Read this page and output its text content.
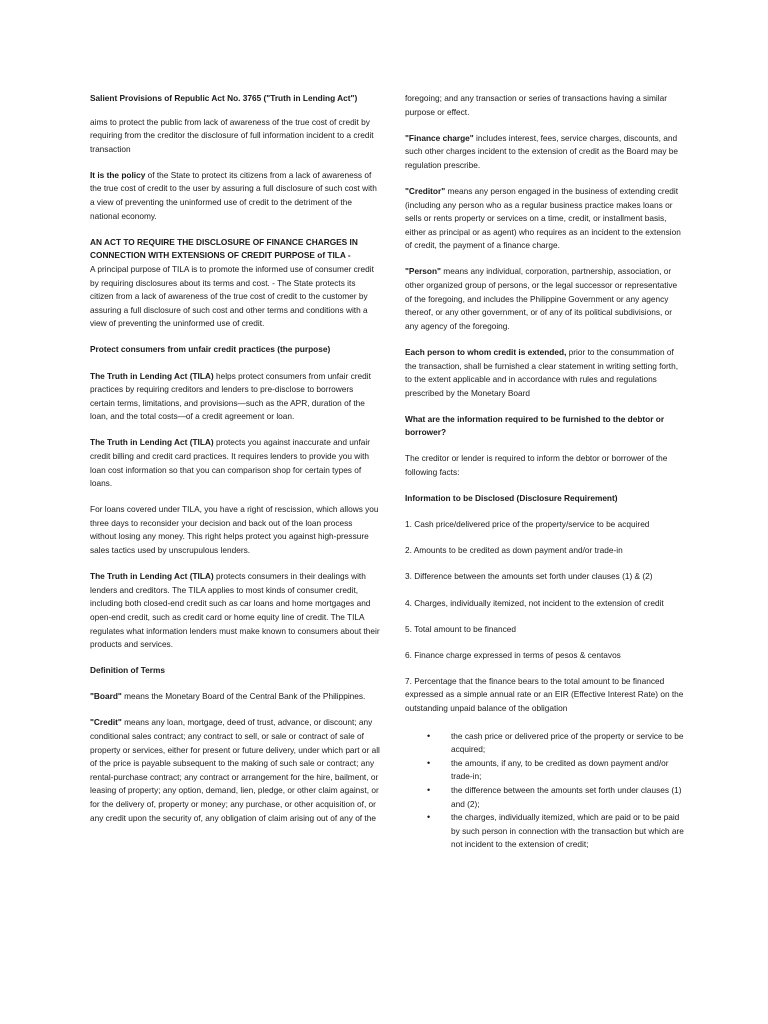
Salient Provisions of Republic Act No. 3765 ("Truth in Lending Act")

aims to protect the public from lack of awareness of the true cost of credit by requiring from the creditor the disclosure of full information incident to a credit transaction

It is the policy of the State to protect its citizens from a lack of awareness of the true cost of credit to the user by assuring a full disclosure of such cost with a view of preventing the uninformed use of credit to the detriment of the national economy.

AN ACT TO REQUIRE THE DISCLOSURE OF FINANCE CHARGES IN CONNECTION WITH EXTENSIONS OF CREDIT PURPOSE of TILA -

A principal purpose of TILA is to promote the informed use of consumer credit by requiring disclosures about its terms and cost. - The State protects its citizen from a lack of awareness of the true cost of credit to the customer by assuring a full disclosure of such cost and other terms and conditions with a view of preventing the uninformed use of credit.

Protect consumers from unfair credit practices (the purpose)

The Truth in Lending Act (TILA) helps protect consumers from unfair credit practices by requiring creditors and lenders to pre-disclose to borrowers certain terms, limitations, and provisions—such as the APR, duration of the loan, and the total costs—of a credit agreement or loan.

The Truth in Lending Act (TILA) protects you against inaccurate and unfair credit billing and credit card practices. It requires lenders to provide you with loan cost information so that you can comparison shop for certain types of loans.

For loans covered under TILA, you have a right of rescission, which allows you three days to reconsider your decision and back out of the loan process without losing any money. This right helps protect you against high-pressure sales tactics used by unscrupulous lenders.

The Truth in Lending Act (TILA) protects consumers in their dealings with lenders and creditors. The TILA applies to most kinds of consumer credit, including both closed-end credit such as car loans and home mortgages and open-end credit, such as credit card or home equity line of credit. The TILA regulates what information lenders must make known to consumers about their products and services.

Definition of Terms

"Board" means the Monetary Board of the Central Bank of the Philippines.

"Credit" means any loan, mortgage, deed of trust, advance, or discount; any conditional sales contract; any contract to sell, or sale or contract of sale of property or services, either for present or future delivery, under which part or all of the price is payable subsequent to the making of such sale or contract; any rental-purchase contract; any contract or arrangement for the hire, bailment, or leasing of property; any option, demand, lien, pledge, or other claim against, or for the delivery of, property or money; any purchase, or other acquisition of, or any credit upon the security of, any obligation of claim arising out of any of the

foregoing; and any transaction or series of transactions having a similar purpose or effect.

"Finance charge" includes interest, fees, service charges, discounts, and such other charges incident to the extension of credit as the Board may be regulation prescribe.

"Creditor" means any person engaged in the business of extending credit (including any person who as a regular business practice makes loans or sells or rents property or services on a time, credit, or installment basis, either as principal or as agent) who requires as an incident to the extension of credit, the payment of a finance charge.

"Person" means any individual, corporation, partnership, association, or other organized group of persons, or the legal successor or representative of the foregoing, and includes the Philippine Government or any agency thereof, or any other government, or of any of its political subdivisions, or any agency of the foregoing.

Each person to whom credit is extended, prior to the consummation of the transaction, shall be furnished a clear statement in writing setting forth, to the extent applicable and in accordance with rules and regulations prescribed by the Monetary Board

What are the information required to be furnished to the debtor or borrower?

The creditor or lender is required to inform the debtor or borrower of the following facts:

Information to be Disclosed (Disclosure Requirement)

1. Cash price/delivered price of the property/service to be acquired

2. Amounts to be credited as down payment and/or trade-in

3. Difference between the amounts set forth under clauses (1) & (2)

4. Charges, individually itemized, not incident to the extension of credit

5. Total amount to be financed

6. Finance charge expressed in terms of pesos & centavos

7. Percentage that the finance bears to the total amount to be financed expressed as a simple annual rate or an EIR (Effective Interest Rate) on the outstanding unpaid balance of the obligation

•	the cash price or delivered price of the property or service to be acquired;
•	the amounts, if any, to be credited as down payment and/or trade-in;
•	the difference between the amounts set forth under clauses (1) and (2);
•	the charges, individually itemized, which are paid or to be paid by such person in connection with the transaction but which are not incident to the extension of credit;
